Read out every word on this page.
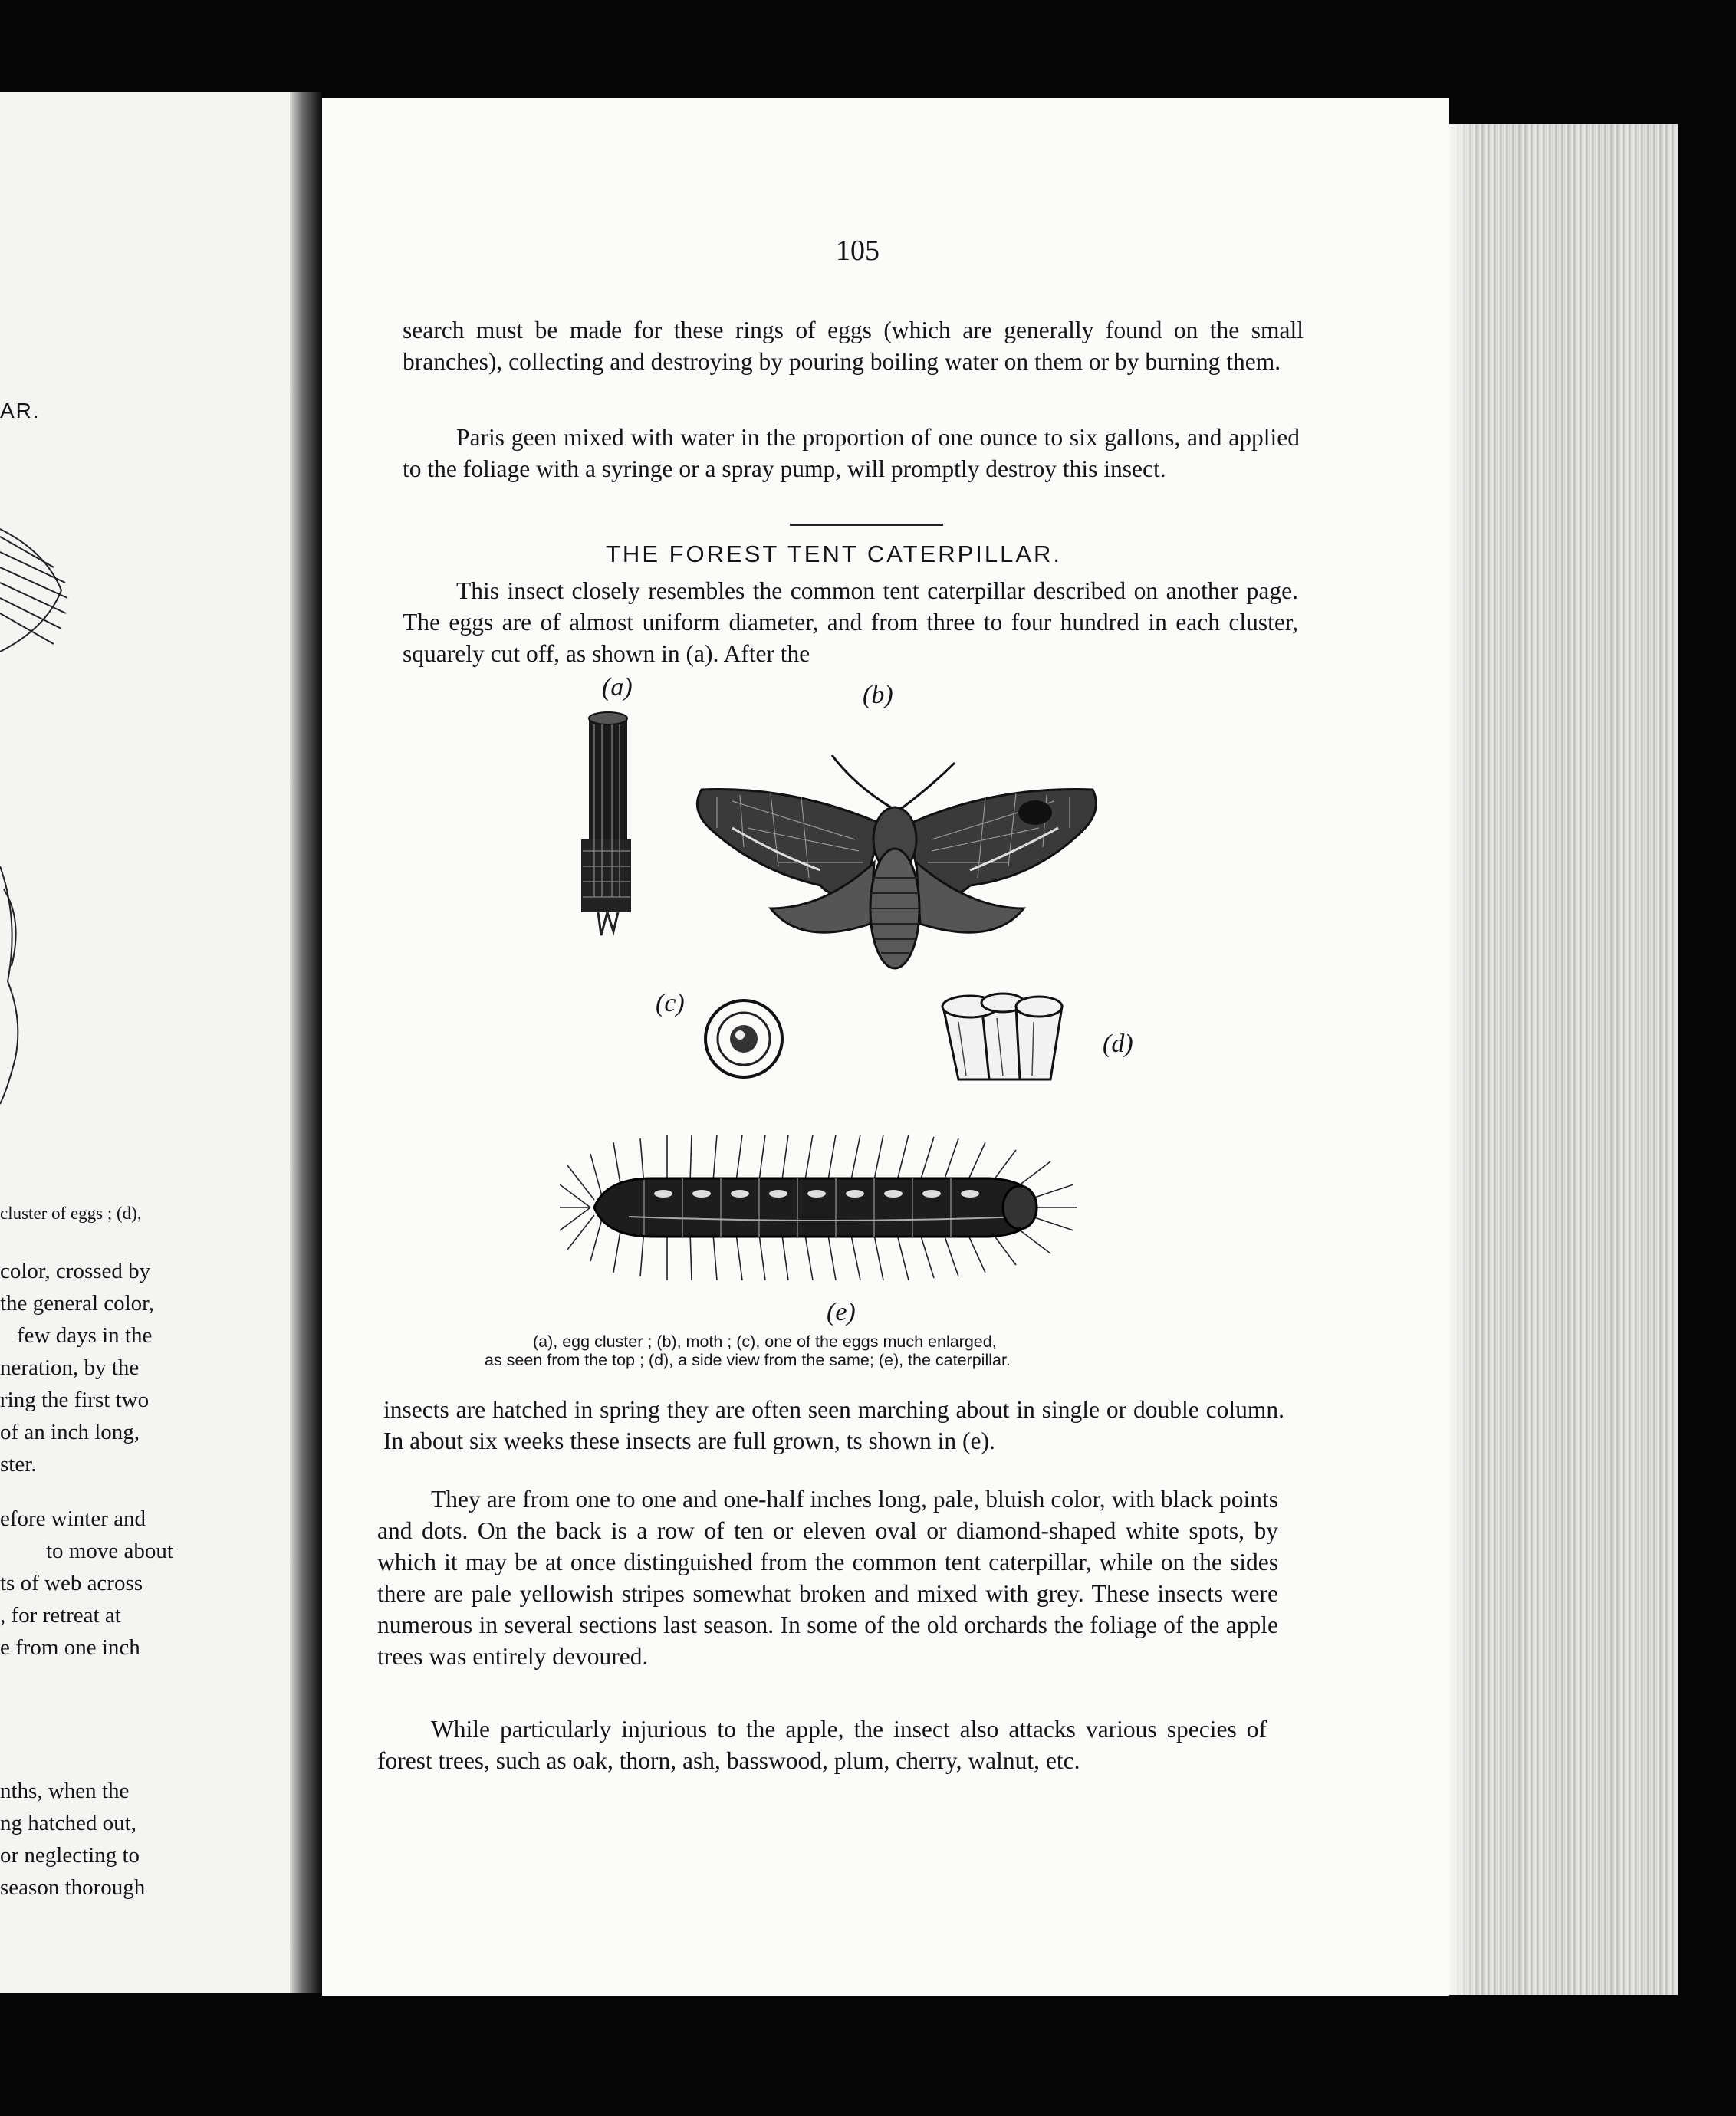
AR.
cluster of eggs ; (d),
color, crossed by
the general color,
few days in the
neration, by the
ring the first two
of an inch long,
ster.
efore winter and
to move about
ts of web across
, for retreat at
e from one inch
nths, when the
ng hatched out,
or neglecting to
season thorough
105
search must be made for these rings of eggs (which are generally found on the small branches), collecting and destroying by pouring boiling water on them or by burning them.
Paris geen mixed with water in the proportion of one ounce to six gallons, and applied to the foliage with a syringe or a spray pump, will promptly destroy this insect.
THE FOREST TENT CATERPILLAR.
This insect closely resembles the common tent caterpillar described on another page. The eggs are of almost uniform diameter, and from three to four hundred in each cluster, squarely cut off, as shown in (a). After the
(a)	(b)
(c)
(d)
(e)
(a), egg cluster ; (b), moth ; (c), one of the eggs much enlarged,
as seen from the top ; (d), a side view from the same; (e), the caterpillar.
insects are hatched in spring they are often seen marching about in single or double column. In about six weeks these insects are full grown, ts shown in (e).
They are from one to one and one-half inches long, pale, bluish color, with black points and dots. On the back is a row of ten or eleven oval or diamond-shaped white spots, by which it may be at once distinguished from the common tent caterpillar, while on the sides there are pale yellowish stripes somewhat broken and mixed with grey. These insects were numerous in several sections last season. In some of the old orchards the foliage of the apple trees was entirely devoured.
While particularly injurious to the apple, the insect also attacks various species of forest trees, such as oak, thorn, ash, basswood, plum, cherry, walnut, etc.
